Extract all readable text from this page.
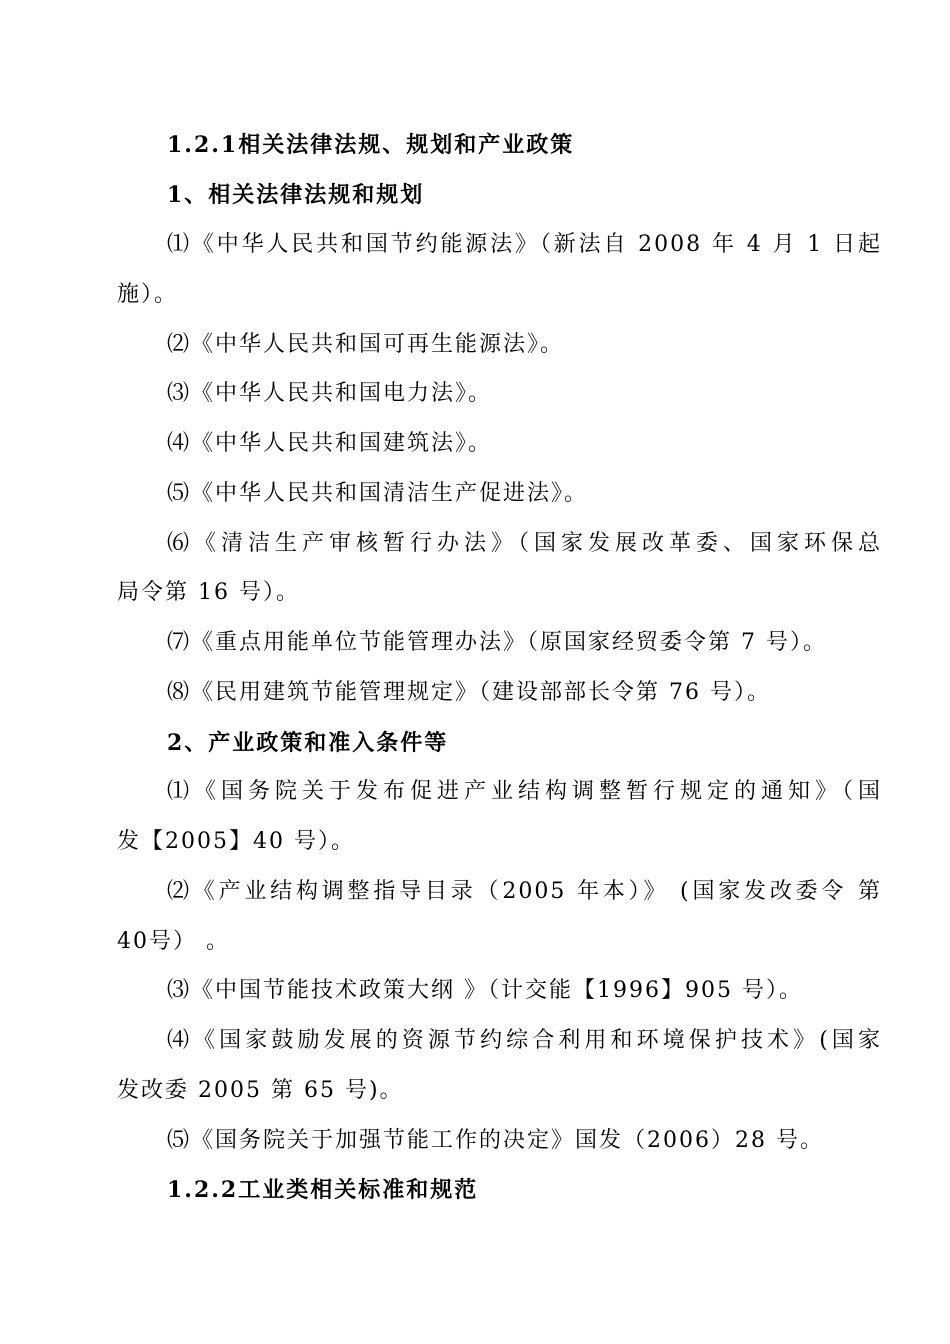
1.2.1相关法律法规、规划和产业政策
1、相关法律法规和规划
⑴《中华人民共和国节约能源法》（新法自 2008 年 4 月 1 日起
施）。
⑵《中华人民共和国可再生能源法》。
⑶《中华人民共和国电力法》。
⑷《中华人民共和国建筑法》。
⑸《中华人民共和国清洁生产促进法》。
⑹《清洁生产审核暂行办法》（国家发展改革委、国家环保总
局令第 16 号）。
⑺《重点用能单位节能管理办法》（原国家经贸委令第 7 号）。
⑻《民用建筑节能管理规定》（建设部部长令第 76 号）。
2、产业政策和准入条件等
⑴《国务院关于发布促进产业结构调整暂行规定的通知》（国
发【2005】40 号）。
⑵《产业结构调整指导目录（2005 年本）》 (国家发改委令 第
40号） 。
⑶《中国节能技术政策大纲 》（计交能【1996】905 号）。
⑷《国家鼓励发展的资源节约综合利用和环境保护技术》(国家
发改委 2005 第 65 号)。
⑸《国务院关于加强节能工作的决定》国发（2006）28 号。
1.2.2工业类相关标准和规范
